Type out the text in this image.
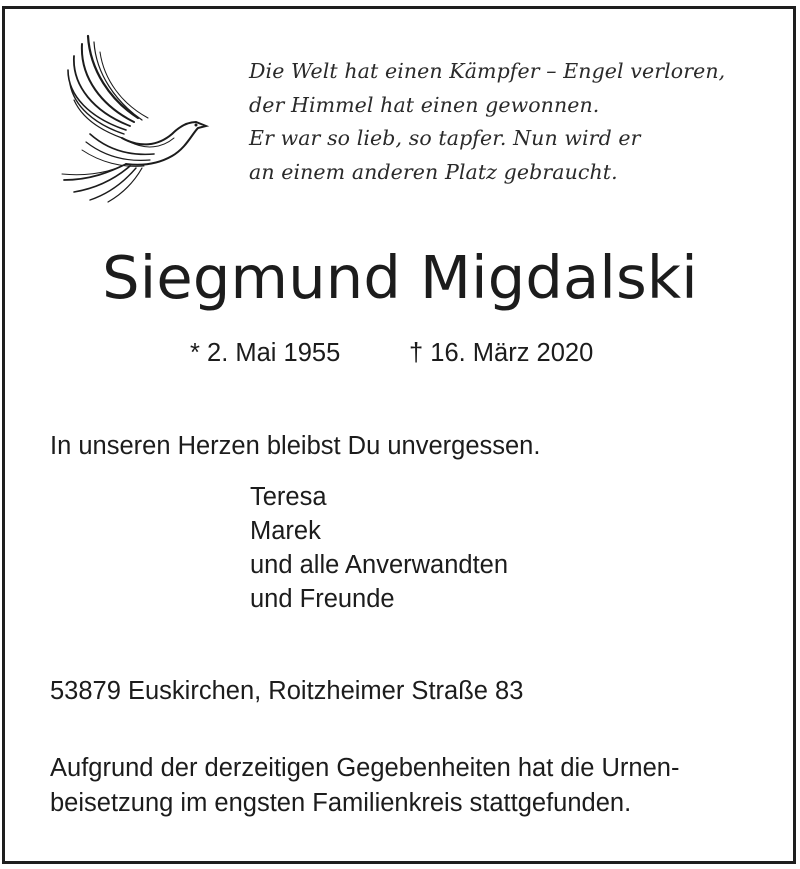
Die Welt hat einen Kämpfer – Engel verloren,
der Himmel hat einen gewonnen.
Er war so lieb, so tapfer. Nun wird er
an einem anderen Platz gebraucht.
Siegmund Migdalski
* 2. Mai 1955	† 16. März 2020
In unseren Herzen bleibst Du unvergessen.
Teresa
Marek
und alle Anverwandten
und Freunde
53879 Euskirchen, Roitzheimer Straße 83
Aufgrund der derzeitigen Gegebenheiten hat die Urnen-
beisetzung im engsten Familienkreis stattgefunden.
